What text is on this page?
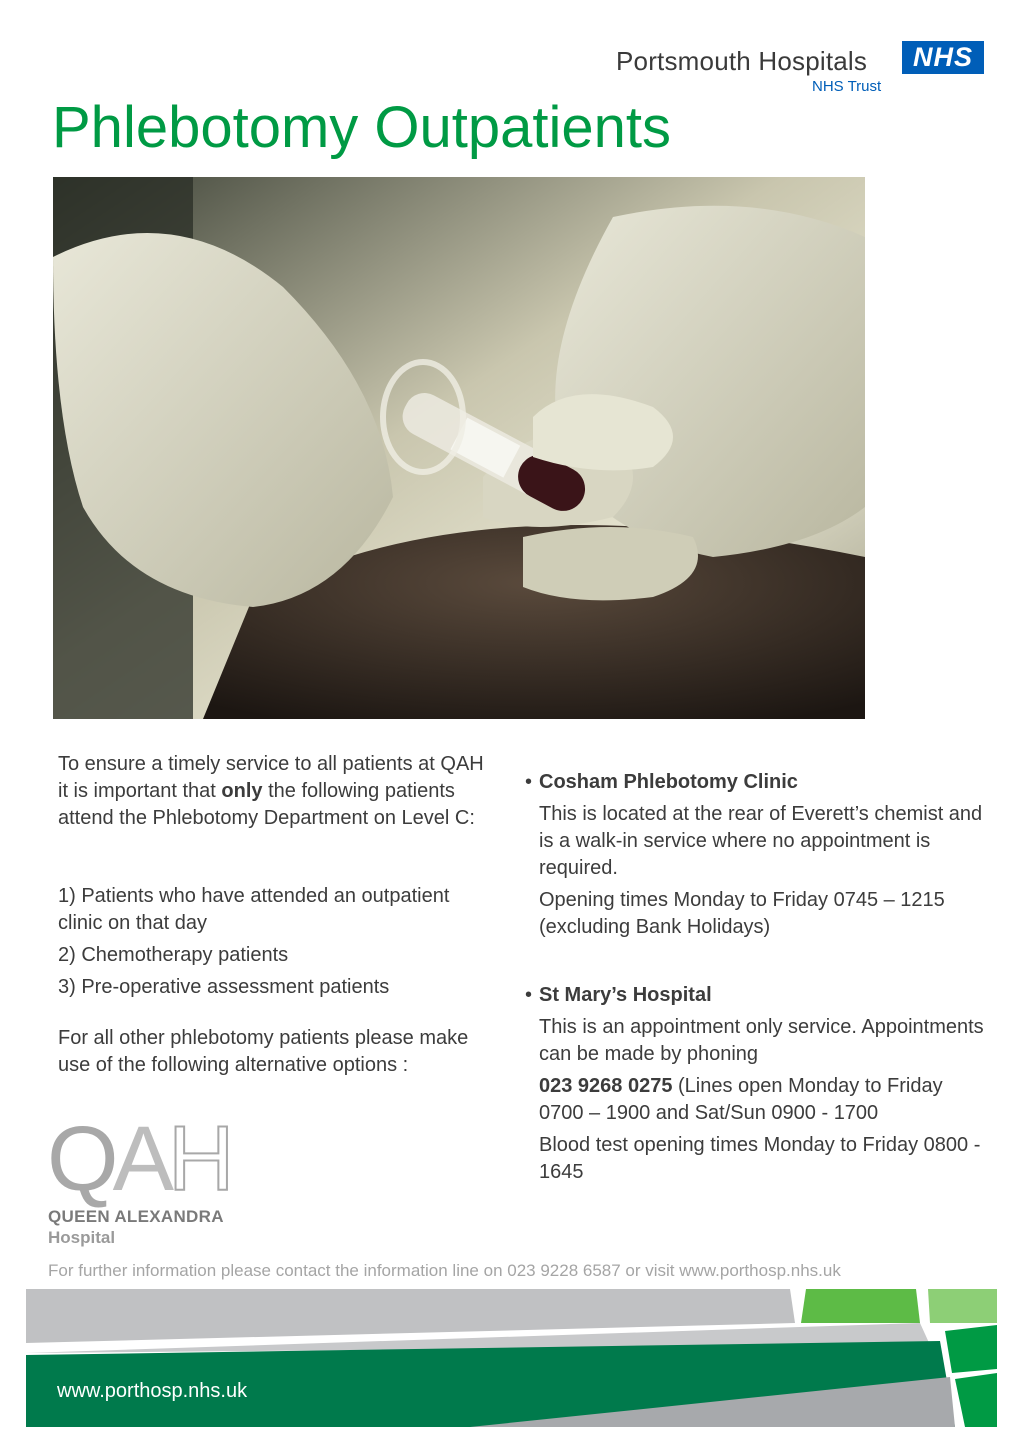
Portsmouth Hospitals
NHS Trust
NHS
Phlebotomy Outpatients
To ensure a timely service to all patients at QAH it is important that only the following patients attend the Phlebotomy Department on Level C:

1) Patients who have attended an outpatient clinic on that day

2) Chemotherapy patients

3) Pre-operative assessment patients

For all other phlebotomy patients please make use of the following alternative options :
• Cosham Phlebotomy Clinic

This is located at the rear of Everett’s chemist and is a walk-in service where no appointment is required.

Opening times Monday to Friday 0745 – 1215 (excluding Bank Holidays)

• St Mary’s Hospital

This is an appointment only service. Appointments can be made by phoning

023 9268 0275 (Lines open Monday to Friday 0700 – 1900 and Sat/Sun 0900 - 1700

Blood test opening times Monday to Friday 0800 - 1645

QAH
QUEEN ALEXANDRA
Hospital
For further information please contact the information line on 023 9228 6587 or visit www.porthosp.nhs.uk
www.porthosp.nhs.uk
